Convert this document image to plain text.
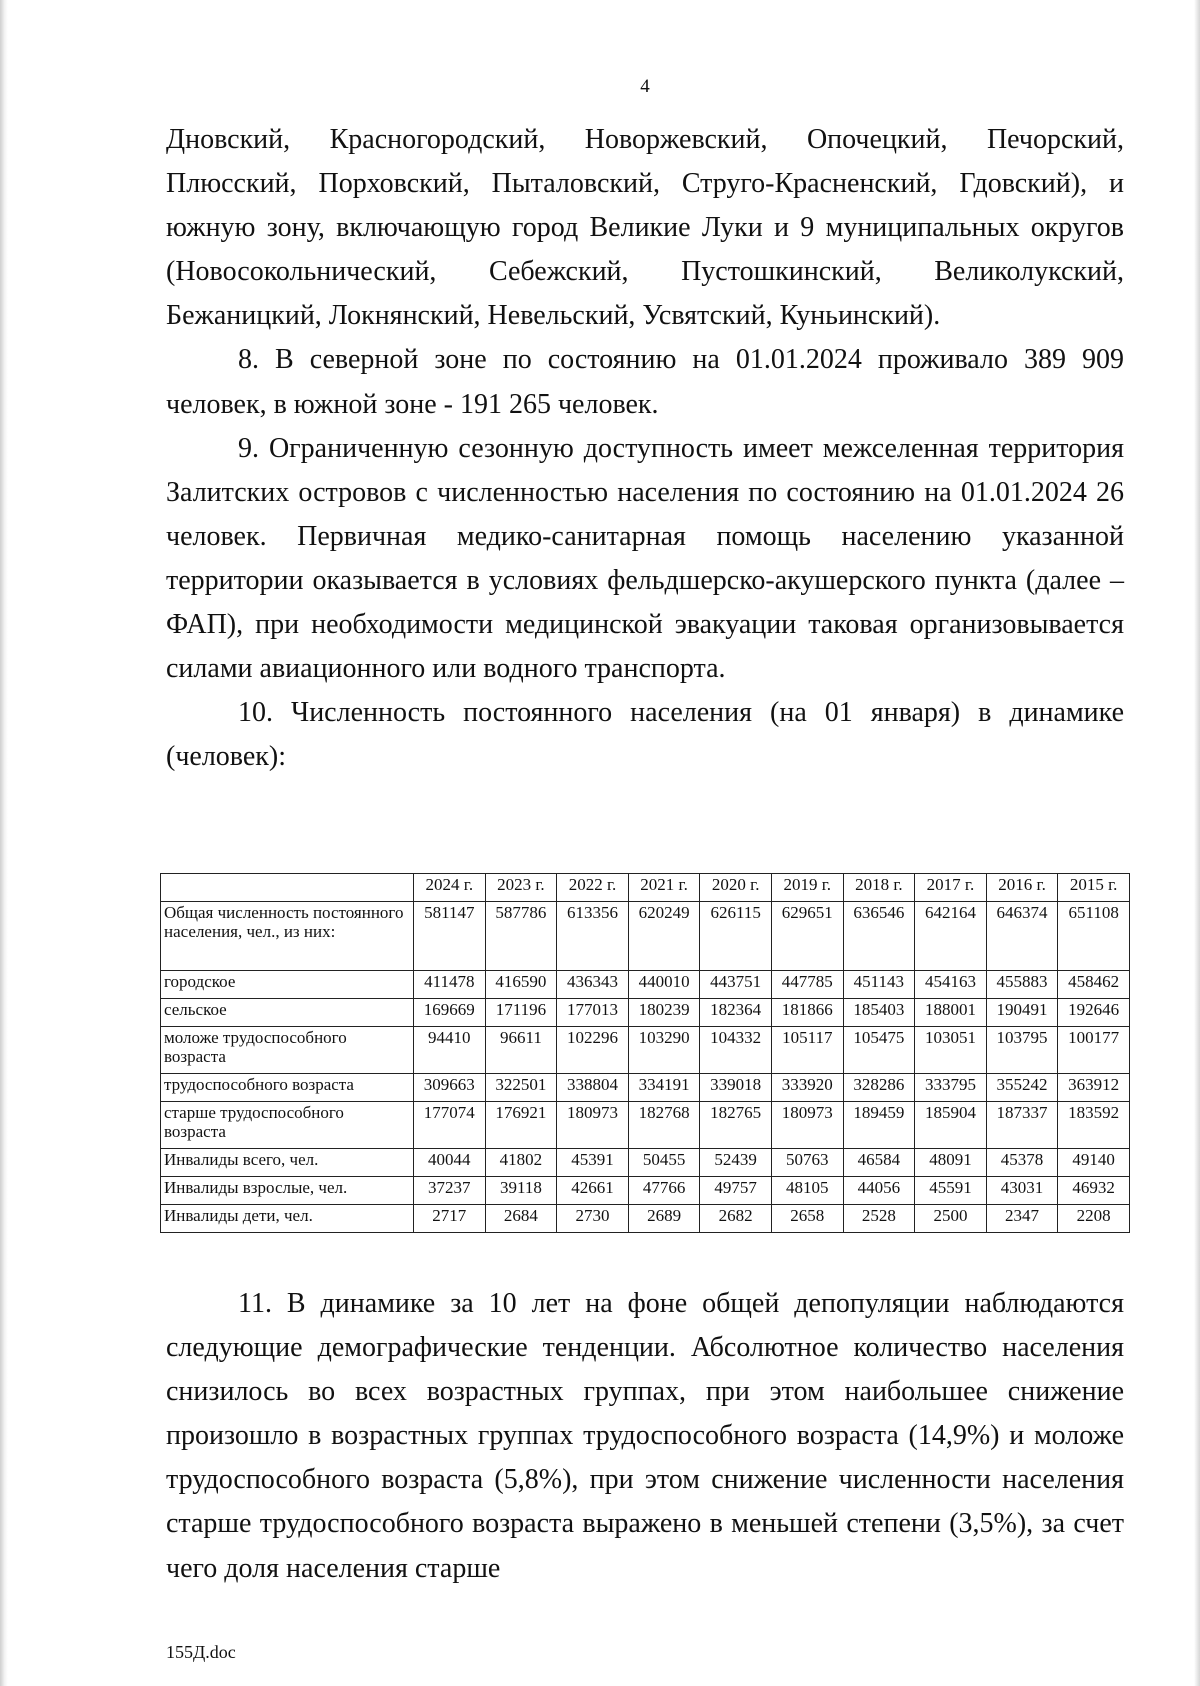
4

Дновский, Красногородский, Новоржевский, Опочецкий, Печорский, Плюсский, Порховский, Пыталовский, Струго-Красненский, Гдовский), и южную зону, включающую город Великие Луки и 9 муниципальных округов (Новосокольнический, Себежский, Пустошкинский, Великолукский, Бежаницкий, Локнянский, Невельский, Усвятский, Куньинский).

8. В северной зоне по состоянию на 01.01.2024 проживало 389 909 человек, в южной зоне - 191 265 человек.

9. Ограниченную сезонную доступность имеет межселенная территория Залитских островов с численностью населения по состоянию на 01.01.2024 26 человек. Первичная медико-санитарная помощь населению указанной территории оказывается в условиях фельдшерско-акушерского пункта (далее – ФАП), при необходимости медицинской эвакуации таковая организовывается силами авиационного или водного транспорта.

10. Численность постоянного населения (на 01 января) в динамике (человек):

	2024 г.	2023 г.	2022 г.	2021 г.	2020 г.	2019 г.	2018 г.	2017 г.	2016 г.	2015 г.
Общая численность постоянного населения, чел., из них:	581147	587786	613356	620249	626115	629651	636546	642164	646374	651108
городское	411478	416590	436343	440010	443751	447785	451143	454163	455883	458462
сельское	169669	171196	177013	180239	182364	181866	185403	188001	190491	192646
моложе трудоспособного возраста	94410	96611	102296	103290	104332	105117	105475	103051	103795	100177
трудоспособного возраста	309663	322501	338804	334191	339018	333920	328286	333795	355242	363912
старше трудоспособного возраста	177074	176921	180973	182768	182765	180973	189459	185904	187337	183592
Инвалиды всего, чел.	40044	41802	45391	50455	52439	50763	46584	48091	45378	49140
Инвалиды взрослые, чел.	37237	39118	42661	47766	49757	48105	44056	45591	43031	46932
Инвалиды дети, чел.	2717	2684	2730	2689	2682	2658	2528	2500	2347	2208

11. В динамике за 10 лет на фоне общей депопуляции наблюдаются следующие демографические тенденции. Абсолютное количество населения снизилось во всех возрастных группах, при этом наибольшее снижение произошло в возрастных группах трудоспособного возраста (14,9%) и моложе трудоспособного возраста (5,8%), при этом снижение численности населения старше трудоспособного возраста выражено в меньшей степени (3,5%), за счет чего доля населения старше

155Д.doc
